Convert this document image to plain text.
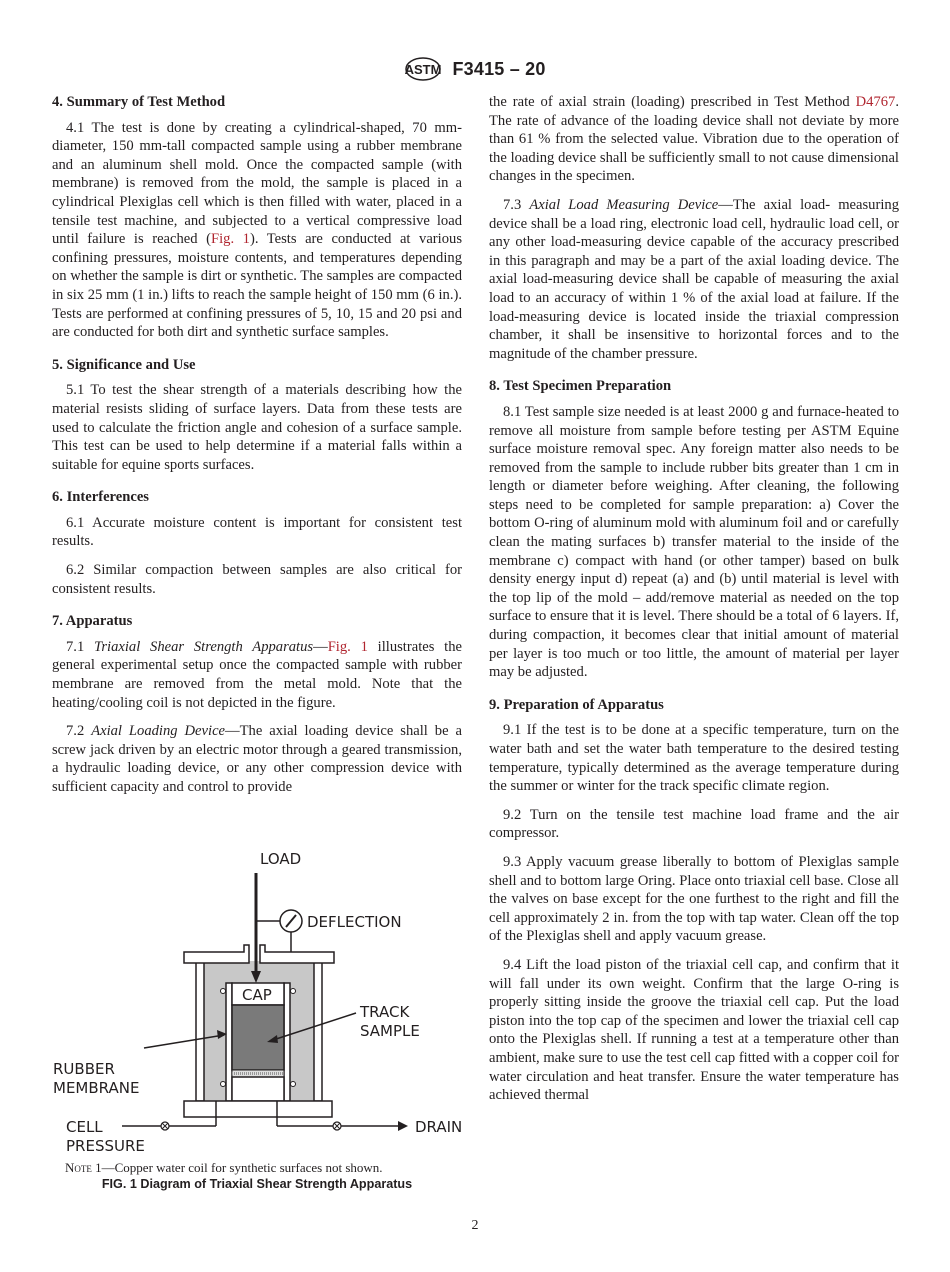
ASTM F3415 – 20
4. Summary of Test Method

4.1 The test is done by creating a cylindrical-shaped, 70 mm-diameter, 150 mm-tall compacted sample using a rubber membrane and an aluminum shell mold. Once the compacted sample (with membrane) is removed from the mold, the sample is placed in a cylindrical Plexiglas cell which is then filled with water, placed in a tensile test machine, and subjected to a vertical compressive load until failure is reached (Fig. 1). Tests are conducted at various confining pressures, moisture contents, and temperatures depending on whether the sample is dirt or synthetic. The samples are compacted in six 25 mm (1 in.) lifts to reach the sample height of 150 mm (6 in.). Tests are performed at confining pressures of 5, 10, 15 and 20 psi and are conducted for both dirt and synthetic surface samples.

5. Significance and Use

5.1 To test the shear strength of a materials describing how the material resists sliding of surface layers. Data from these tests are used to calculate the friction angle and cohesion of a surface sample. This test can be used to help determine if a material falls within a suitable for equine sports surfaces.

6. Interferences

6.1 Accurate moisture content is important for consistent test results.

6.2 Similar compaction between samples are also critical for consistent results.

7. Apparatus

7.1 Triaxial Shear Strength Apparatus—Fig. 1 illustrates the general experimental setup once the compacted sample with rubber membrane are removed from the metal mold. Note that the heating/cooling coil is not depicted in the figure.

7.2 Axial Loading Device—The axial loading device shall be a screw jack driven by an electric motor through a geared transmission, a hydraulic loading device, or any other compression device with sufficient capacity and control to provide

LOAD
DEFLECTION
CAP
TRACK
SAMPLE
RUBBER
MEMBRANE
CELL
PRESSURE
DRAIN
Note 1—Copper water coil for synthetic surfaces not shown.
FIG. 1 Diagram of Triaxial Shear Strength Apparatus

the rate of axial strain (loading) prescribed in Test Method D4767. The rate of advance of the loading device shall not deviate by more than 61 % from the selected value. Vibration due to the operation of the loading device shall be sufficiently small to not cause dimensional changes in the specimen.

7.3 Axial Load Measuring Device—The axial load- measuring device shall be a load ring, electronic load cell, hydraulic load cell, or any other load-measuring device capable of the accuracy prescribed in this paragraph and may be a part of the axial loading device. The axial load-measuring device shall be capable of measuring the axial load to an accuracy of within 1 % of the axial load at failure. If the load-measuring device is located inside the triaxial compression chamber, it shall be insensitive to horizontal forces and to the magnitude of the chamber pressure.

8. Test Specimen Preparation

8.1 Test sample size needed is at least 2000 g and furnace-heated to remove all moisture from sample before testing per ASTM Equine surface moisture removal spec. Any foreign matter also needs to be removed from the sample to include rubber bits greater than 1 cm in length or diameter before weighing. After cleaning, the following steps need to be completed for sample preparation: a) Cover the bottom O-ring of aluminum mold with aluminum foil and or carefully clean the mating surfaces b) transfer material to the inside of the membrane c) compact with hand (or other tamper) based on bulk density energy input d) repeat (a) and (b) until material is level with the top lip of the mold – add/remove material as needed on the top surface to ensure that it is level. There should be a total of 6 layers. If, during compaction, it becomes clear that initial amount of material per layer is too much or too little, the amount of material per layer may be adjusted.

9. Preparation of Apparatus

9.1 If the test is to be done at a specific temperature, turn on the water bath and set the water bath temperature to the desired testing temperature, typically determined as the average temperature during the summer or winter for the track specific climate region.

9.2 Turn on the tensile test machine load frame and the air compressor.

9.3 Apply vacuum grease liberally to bottom of Plexiglas sample shell and to bottom large Oring. Place onto triaxial cell base. Close all the valves on base except for the one furthest to the right and fill the cell approximately 2 in. from the top with tap water. Clean off the top of the Plexiglas shell and apply vacuum grease.

9.4 Lift the load piston of the triaxial cell cap, and confirm that it will fall under its own weight. Confirm that the large O-ring is properly sitting inside the groove the triaxial cell cap. Put the load piston into the top cap of the specimen and lower the triaxial cell cap onto the Plexiglas shell. If running a test at a temperature other than ambient, make sure to use the test cell cap fitted with a copper coil for water circulation and heat transfer. Ensure the water temperature has achieved thermal

2
